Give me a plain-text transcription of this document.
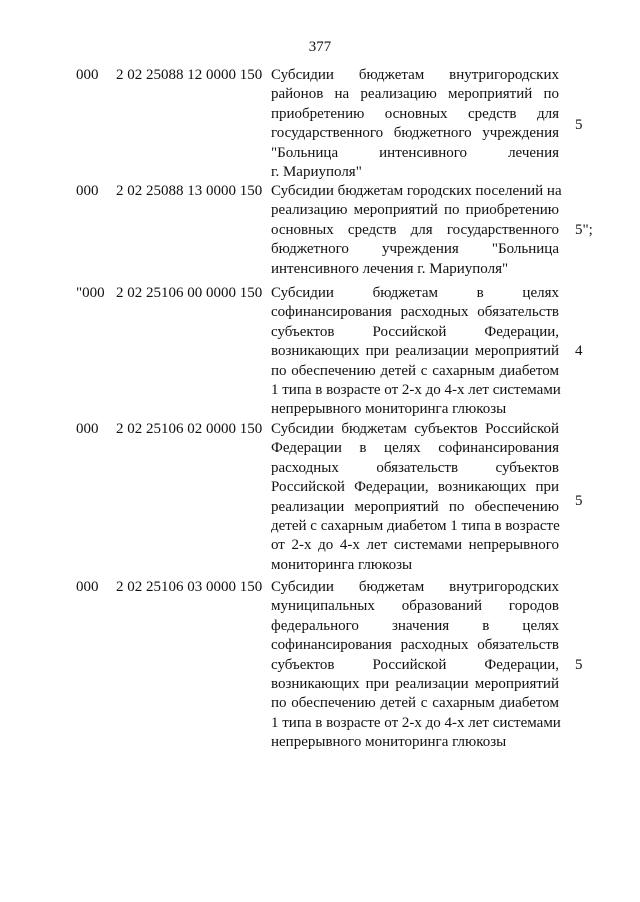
377
000 2 02 25088 12 0000 150 Субсидии бюджетам внутригородских
районов на реализацию мероприятий по
приобретению основных средств для
государственного бюджетного учреждения
"Больница интенсивного лечения
г. Мариуполя"
5
000 2 02 25088 13 0000 150 Субсидии бюджетам городских поселений на
реализацию мероприятий по приобретению
основных средств для государственного
бюджетного учреждения "Больница
интенсивного лечения г. Мариуполя"
5";
"000 2 02 25106 00 0000 150 Субсидии бюджетам в целях
софинансирования расходных обязательств
субъектов Российской Федерации,
возникающих при реализации мероприятий
по обеспечению детей с сахарным диабетом
1 типа в возрасте от 2-х до 4-х лет системами
непрерывного мониторинга глюкозы
4
000 2 02 25106 02 0000 150 Субсидии бюджетам субъектов Российской
Федерации в целях софинансирования
расходных обязательств субъектов
Российской Федерации, возникающих при
реализации мероприятий по обеспечению
детей с сахарным диабетом 1 типа в возрасте
от 2-х до 4-х лет системами непрерывного
мониторинга глюкозы
5
000 2 02 25106 03 0000 150 Субсидии бюджетам внутригородских
муниципальных образований городов
федерального значения в целях
софинансирования расходных обязательств
субъектов Российской Федерации,
возникающих при реализации мероприятий
по обеспечению детей с сахарным диабетом
1 типа в возрасте от 2-х до 4-х лет системами
непрерывного мониторинга глюкозы
5
